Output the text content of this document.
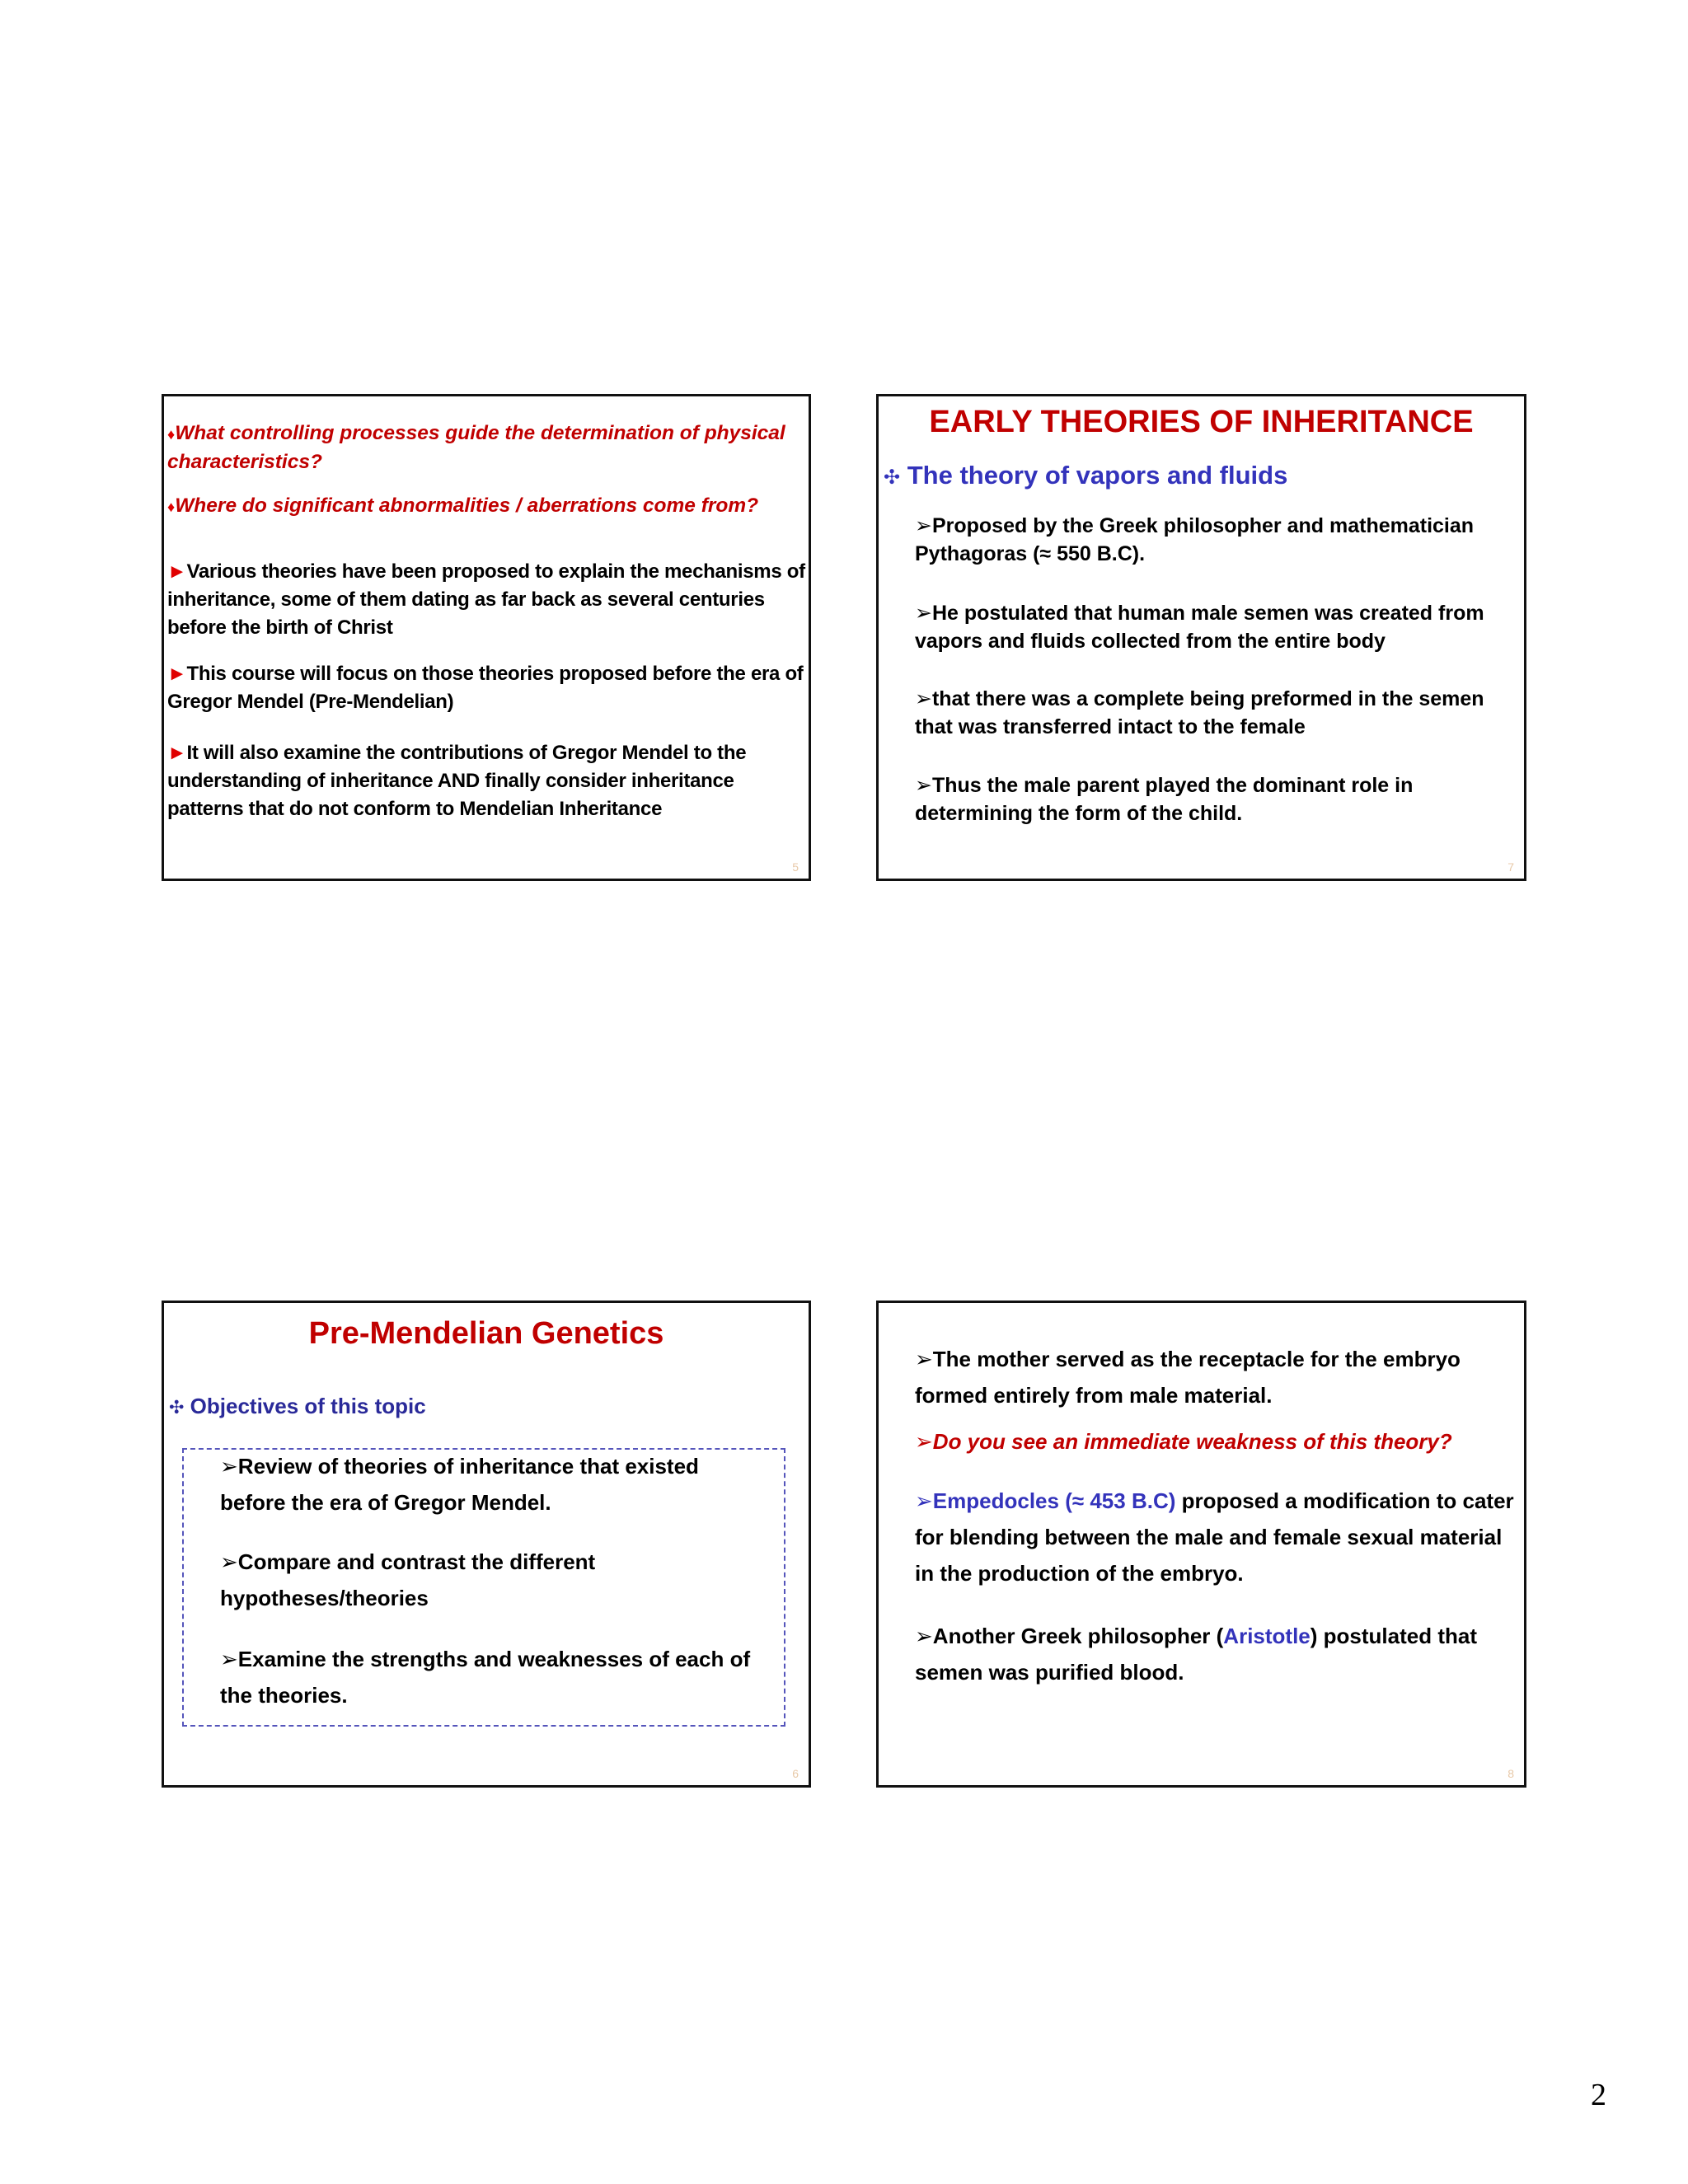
♦What controlling processes guide the determination of physical characteristics?
♦Where do significant abnormalities / aberrations come from?
►Various theories have been proposed to explain the mechanisms of inheritance, some of them dating as far back as several centuries before the birth of Christ
►This course will focus on those theories proposed before the era of Gregor Mendel (Pre-Mendelian)
►It will also examine the contributions of Gregor Mendel to the understanding of inheritance AND finally consider inheritance patterns that do not conform to Mendelian Inheritance
5
EARLY THEORIES OF INHERITANCE
✣ The theory of vapors and fluids
➢Proposed by the Greek philosopher and mathematician Pythagoras (≈ 550 B.C).
➢He postulated that human male semen was created from vapors and fluids collected from the entire body
➢that there was a complete being preformed in the semen that was transferred intact to the female
➢Thus the male parent played the dominant role in determining the form of the child.
7
Pre-Mendelian Genetics
✣ Objectives of this topic
➢Review of theories of inheritance that existed before the era of Gregor Mendel.
➢Compare and contrast the different hypotheses/theories
➢Examine the strengths and weaknesses of each of the theories.
6
➢The mother served as the receptacle for the embryo formed entirely from male material.
➢Do you see an immediate weakness of this theory?
➢Empedocles (≈ 453 B.C) proposed a modification to cater for blending between the male and female sexual material in the production of the embryo.
➢Another Greek philosopher (Aristotle) postulated that semen was purified blood.
8
2
